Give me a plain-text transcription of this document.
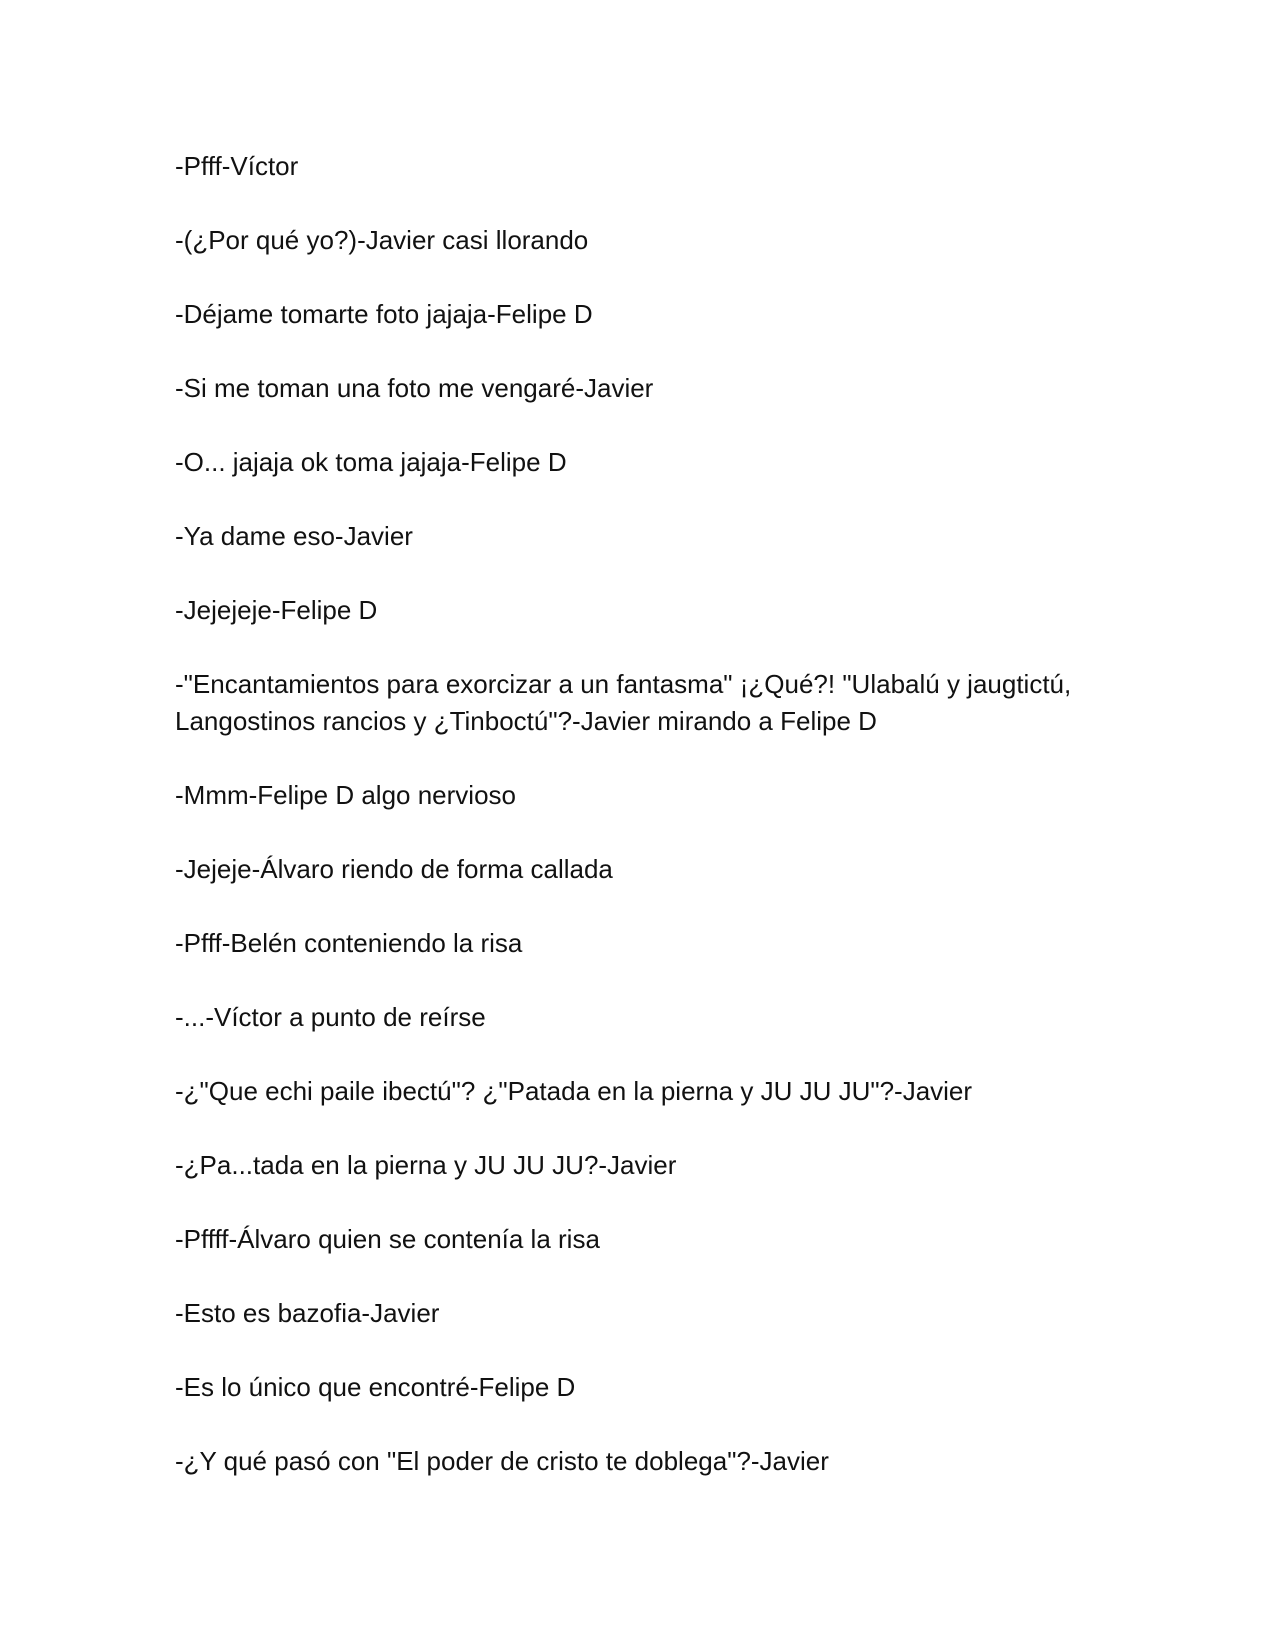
-Pfff-Víctor

-(¿Por qué yo?)-Javier casi llorando

-Déjame tomarte foto jajaja-Felipe D

-Si me toman una foto me vengaré-Javier

-O... jajaja ok toma jajaja-Felipe D

-Ya dame eso-Javier

-Jejejeje-Felipe D

-"Encantamientos para exorcizar a un fantasma" ¡¿Qué?! "Ulabalú y jaugtictú, Langostinos rancios y ¿Tinboctú"?-Javier mirando a Felipe D

-Mmm-Felipe D algo nervioso

-Jejeje-Álvaro riendo de forma callada

-Pfff-Belén conteniendo la risa

-...-Víctor a punto de reírse

-¿"Que echi paile ibectú"? ¿"Patada en la pierna y JU JU JU"?-Javier

-¿Pa...tada en la pierna y JU JU JU?-Javier

-Pffff-Álvaro quien se contenía la risa

-Esto es bazofia-Javier

-Es lo único que encontré-Felipe D

-¿Y qué pasó con "El poder de cristo te doblega"?-Javier
